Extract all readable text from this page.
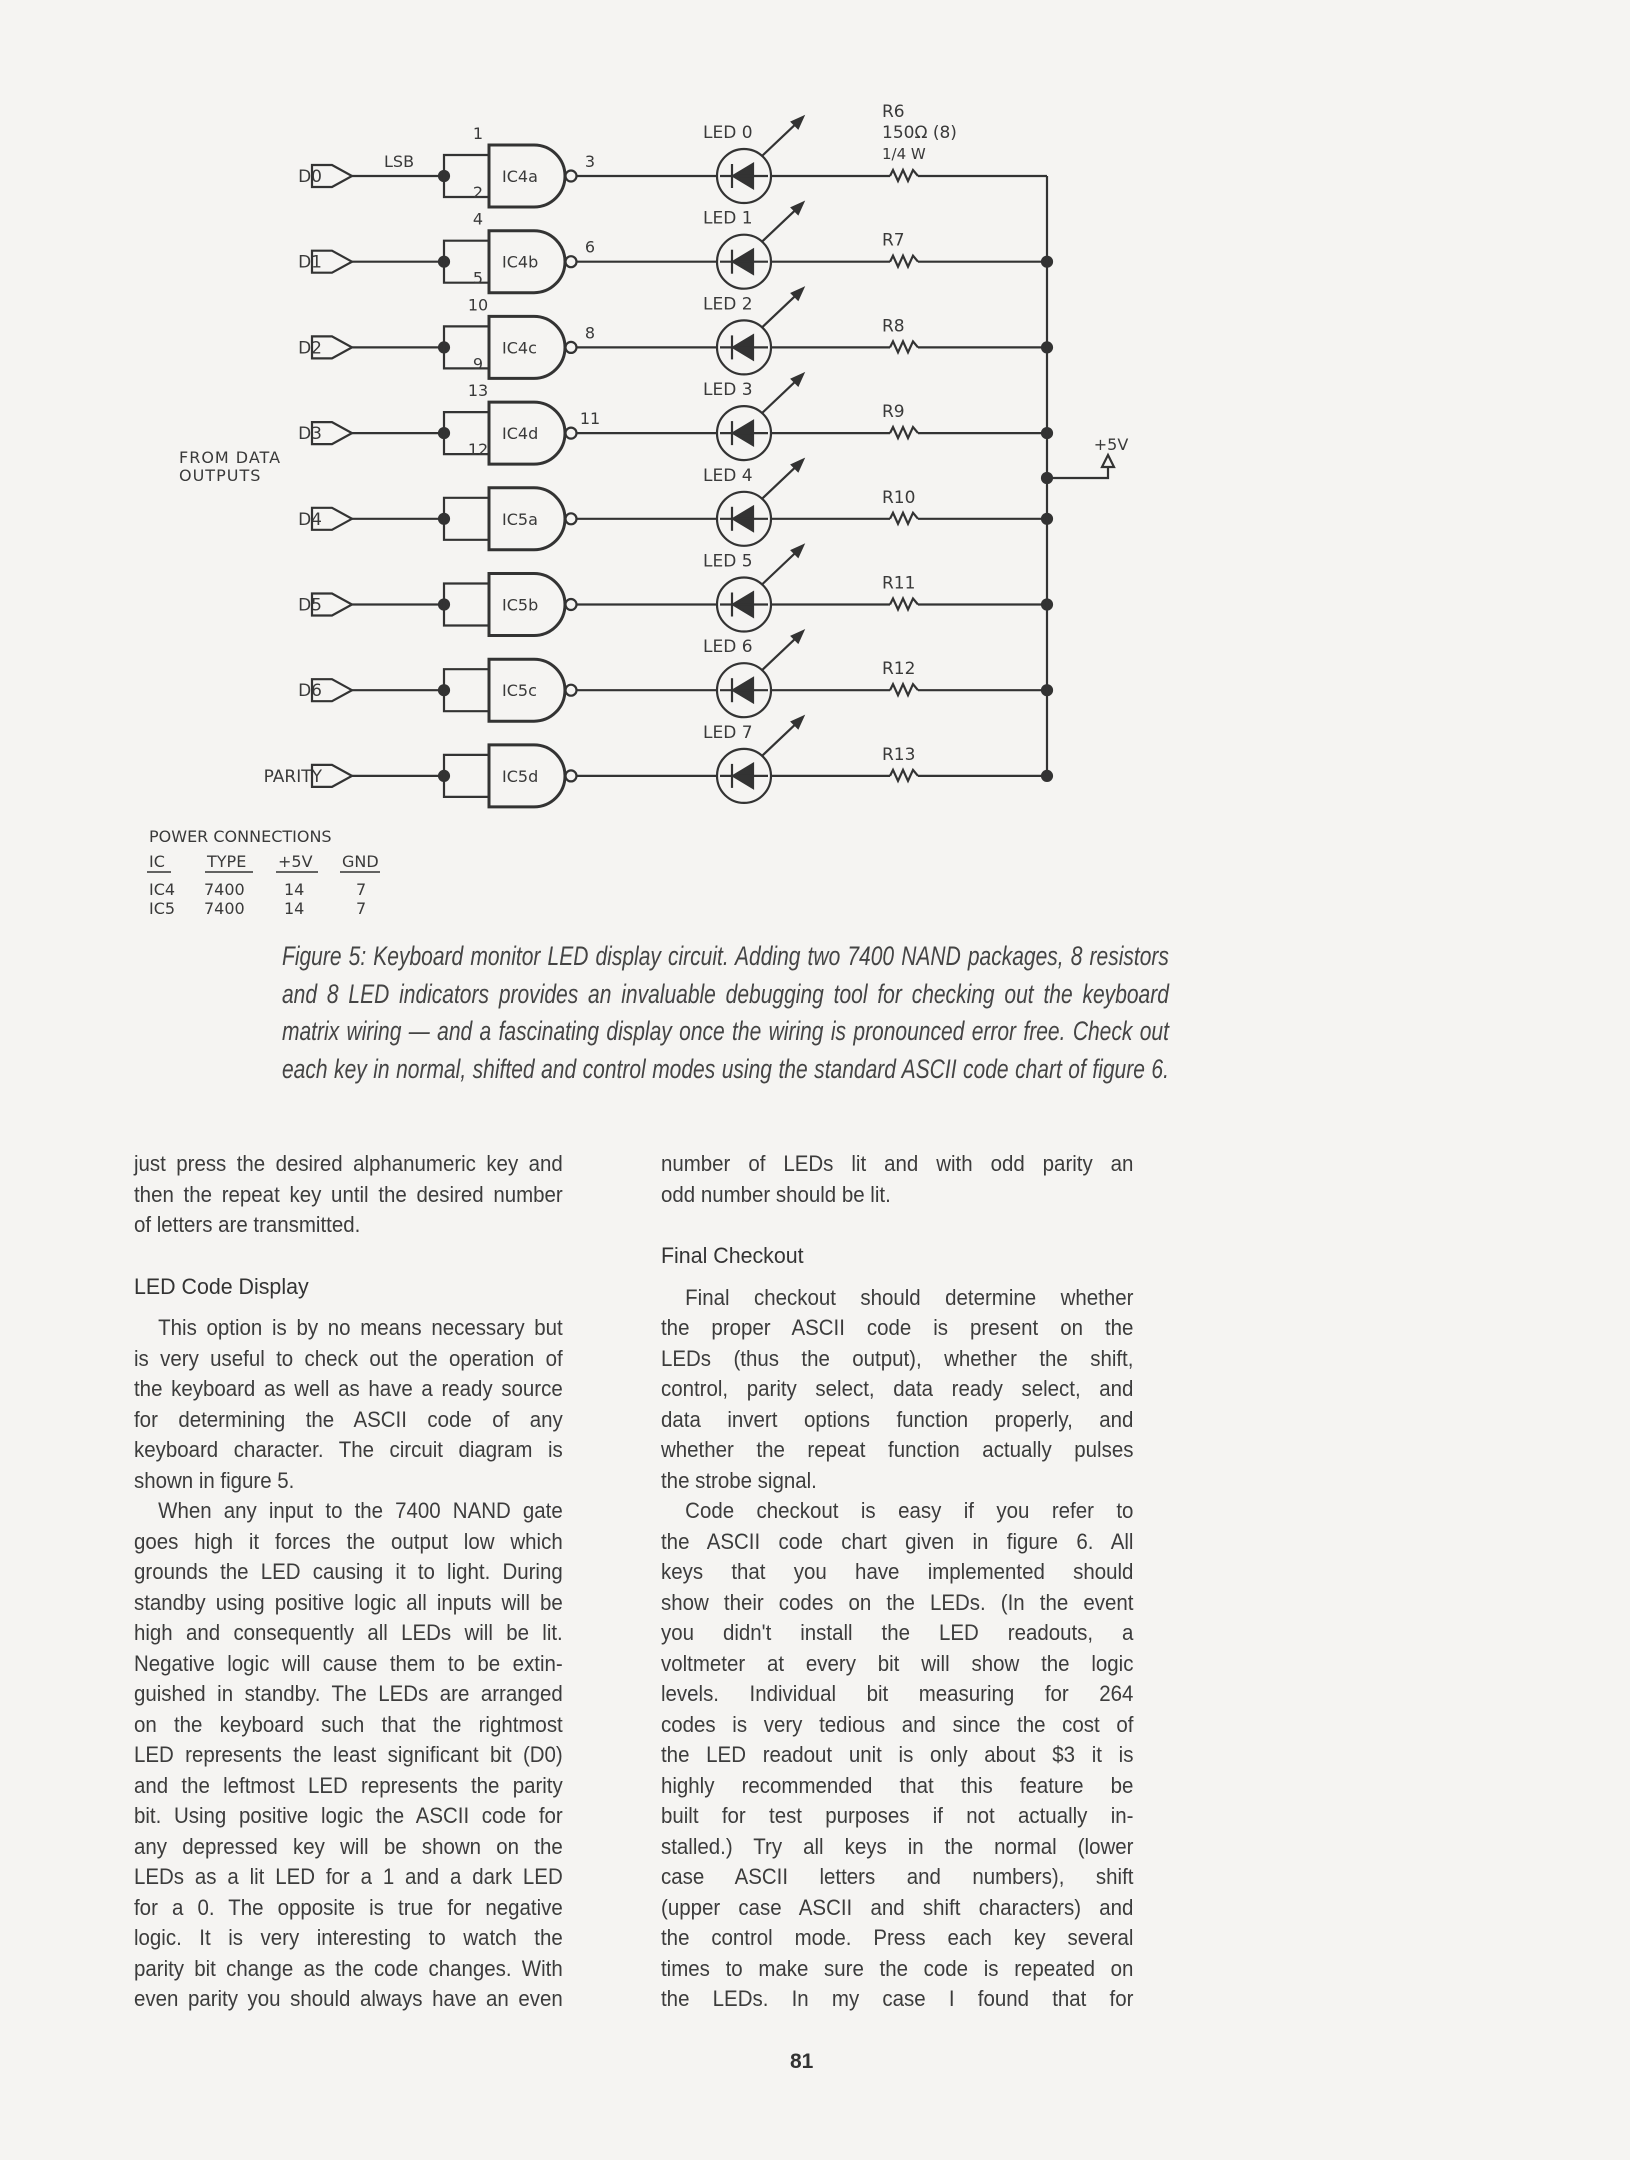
FROM DATA
OUTPUTS
D0
LSB
IC4a
1
2
3
LED 0
R6
150Ω (8)
1/4 W
D1	IC4b
4
5
6
LED 1
R7
D2	IC4c
10
9
8
LED 2
R8
D3	IC4d
13
12
11
LED 3
R9
D4	IC5a
LED 4
R10
D5	IC5b
LED 5
R11
D6	IC5c
LED 6
R12
PARITY	IC5d
LED 7
R13
+5V
POWER CONNECTIONS
IC	TYPE +5V GND
IC4 7400 14	7
IC5 7400 14	7
Figure 5: Keyboard monitor LED display circuit. Adding two 7400 NAND packages, 8 resistors
and 8 LED indicators provides an invaluable debugging tool for checking out the keyboard
matrix wiring — and a fascinating display once the wiring is pronounced error free. Check out
each key in normal, shifted and control modes using the standard ASCII code chart of figure 6.
just press the desired alphanumeric key and
then the repeat key until the desired number
of letters are transmitted.
LED Code Display
This option is by no means necessary but
is very useful to check out the operation of
the keyboard as well as have a ready source
for determining the ASCII code of any
keyboard character. The circuit diagram is
shown in figure 5.
When any input to the 7400 NAND gate
goes high it forces the output low which
grounds the LED causing it to light. During
standby using positive logic all inputs will be
high and consequently all LEDs will be lit.
Negative logic will cause them to be extin-
guished in standby. The LEDs are arranged
on the keyboard such that the rightmost
LED represents the least significant bit (D0)
and the leftmost LED represents the parity
bit. Using positive logic the ASCII code for
any depressed key will be shown on the
LEDs as a lit LED for a 1 and a dark LED
for a 0. The opposite is true for negative
logic. It is very interesting to watch the
parity bit change as the code changes. With
even parity you should always have an even
number of LEDs lit and with odd parity an
odd number should be lit.
Final Checkout
Final checkout should determine whether
the proper ASCII code is present on the
LEDs (thus the output), whether the shift,
control, parity select, data ready select, and
data invert options function properly, and
whether the repeat function actually pulses
the strobe signal.
Code checkout is easy if you refer to
the ASCII code chart given in figure 6. All
keys that you have implemented should
show their codes on the LEDs. (In the event
you didn't install the LED readouts, a
voltmeter at every bit will show the logic
levels. Individual bit measuring for 264
codes is very tedious and since the cost of
the LED readout unit is only about $3 it is
highly recommended that this feature be
built for test purposes if not actually in-
stalled.) Try all keys in the normal (lower
case ASCII letters and numbers), shift
(upper case ASCII and shift characters) and
the control mode. Press each key several
times to make sure the code is repeated on
the LEDs. In my case I found that for
81
